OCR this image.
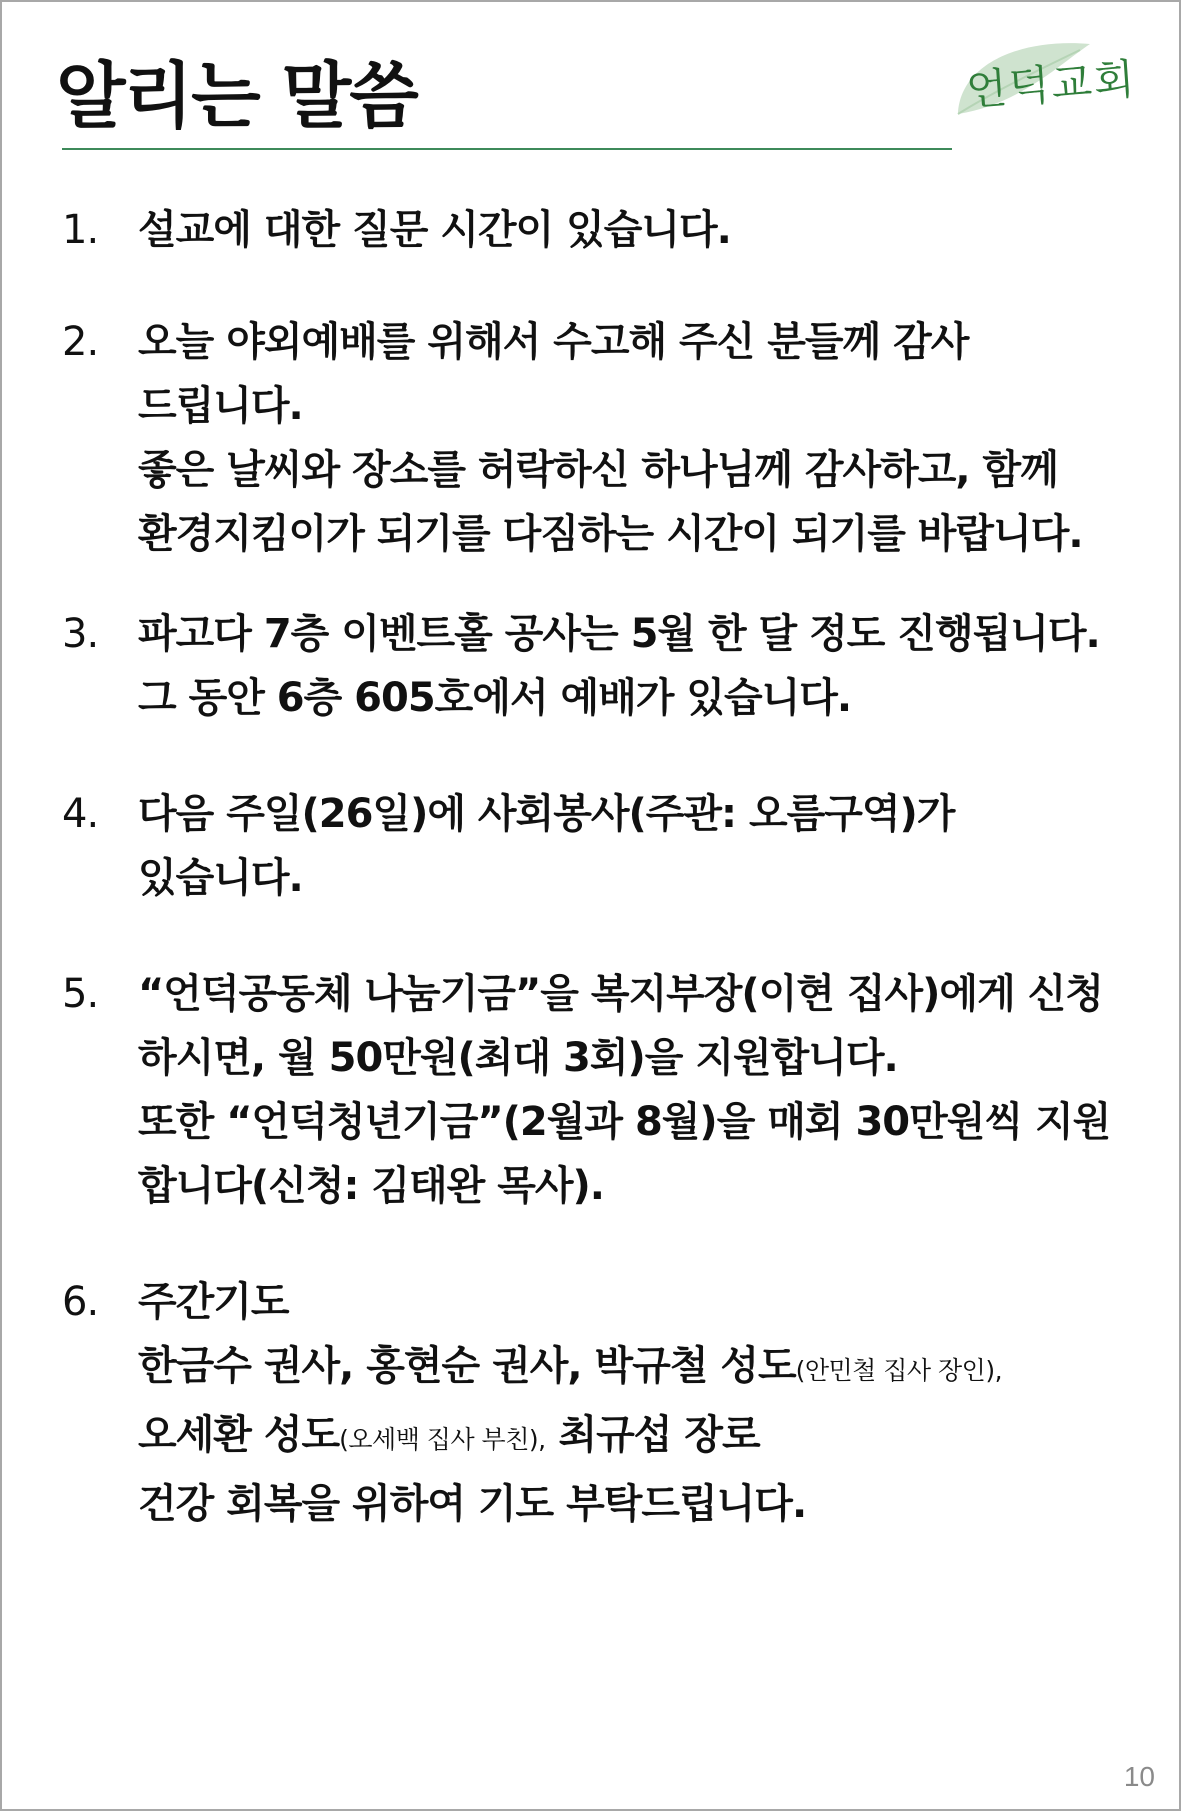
알리는 말씀	언덕교회
1. 설교에 대한 질문 시간이 있습니다.
2. 오늘 야외예배를 위해서 수고해 주신 분들께 감사
드립니다.
좋은 날씨와 장소를 허락하신 하나님께 감사하고, 함께
환경지킴이가 되기를 다짐하는 시간이 되기를 바랍니다.
3. 파고다 7층 이벤트홀 공사는 5월 한 달 정도 진행됩니다.
그 동안 6층 605호에서 예배가 있습니다.
4. 다음 주일(26일)에 사회봉사(주관: 오름구역)가
있습니다.
5. “언덕공동체 나눔기금”을 복지부장(이현 집사)에게 신청
하시면, 월 50만원(최대 3회)을 지원합니다.
또한 “언덕청년기금”(2월과 8월)을 매회 30만원씩 지원
합니다(신청: 김태완 목사).
6. 주간기도
한금수 권사, 홍현순 권사, 박규철 성도(안민철 집사 장인),
오세환 성도(오세백 집사 부친), 최규섭 장로
건강 회복을 위하여 기도 부탁드립니다.
10
